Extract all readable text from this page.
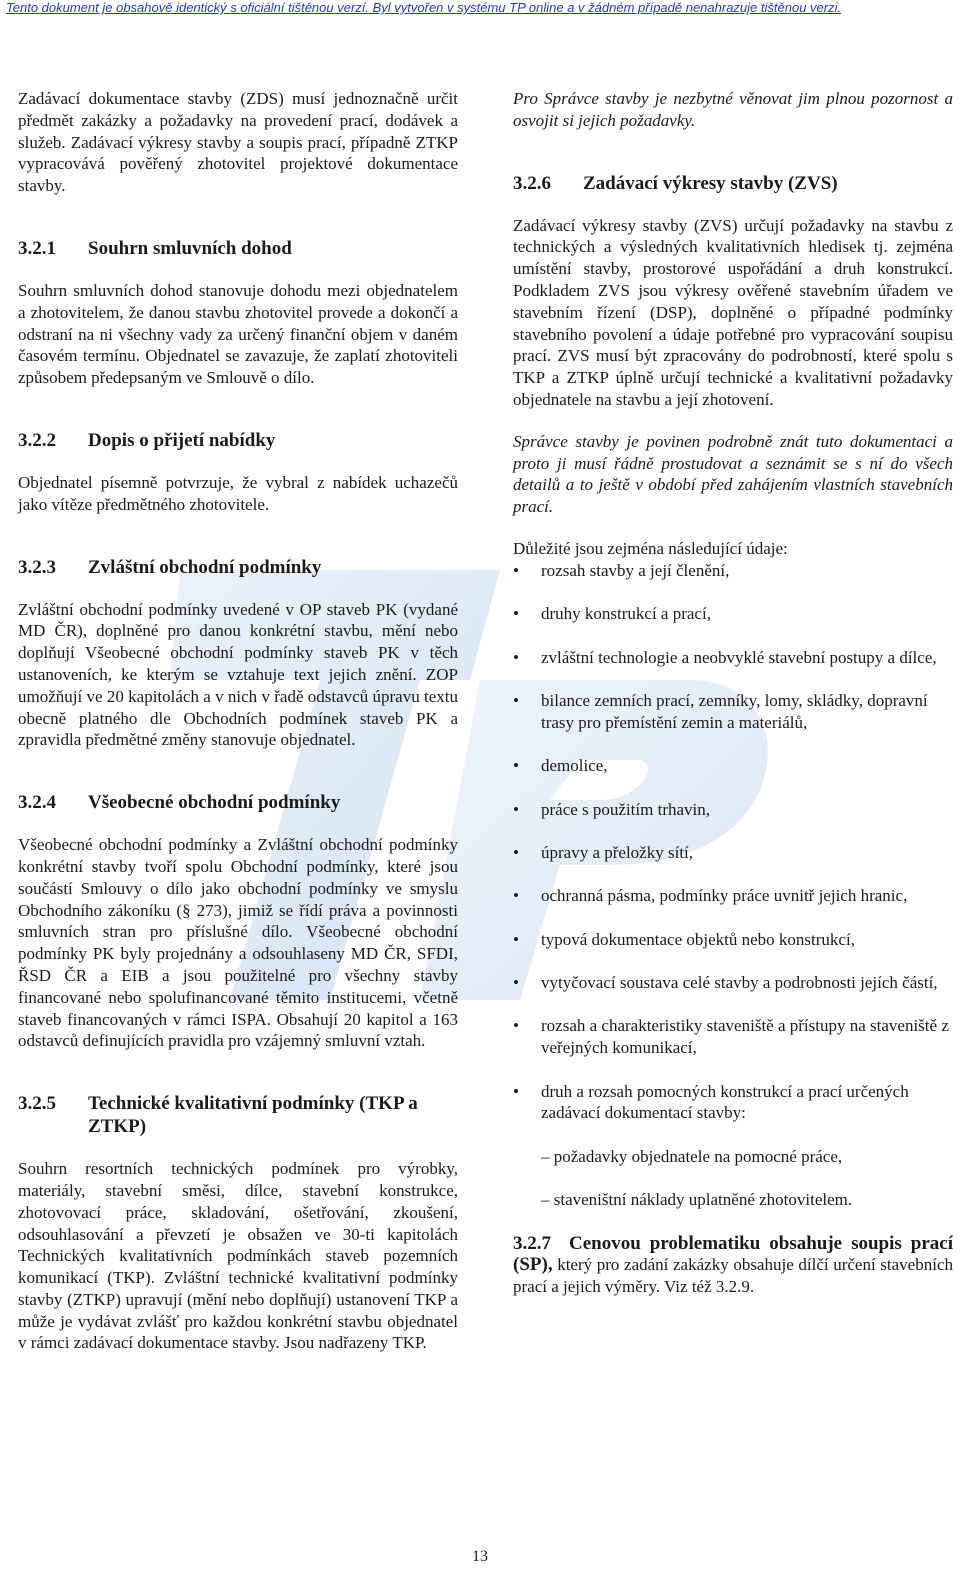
Tento dokument je obsahově identický s oficiální tištěnou verzí. Byl vytvořen v systému TP online a v žádném případě nenahrazuje tištěnou verzi.

Zadávací dokumentace stavby (ZDS) musí jednoznačně určit předmět zakázky a požadavky na provedení prací, dodávek a služeb. Zadávací výkresy stavby a soupis prací, případně ZTKP vypracovává pověřený zhotovitel projektové dokumentace stavby.

3.2.1	Souhrn smluvních dohod

Souhrn smluvních dohod stanovuje dohodu mezi objednatelem a zhotovitelem, že danou stavbu zhotovitel provede a dokončí a odstraní na ni všechny vady za určený finanční objem v daném časovém termínu. Objednatel se zavazuje, že zaplatí zhotoviteli způsobem předepsaným ve Smlouvě o dílo.

3.2.2	Dopis o přijetí nabídky

Objednatel písemně potvrzuje, že vybral z nabídek uchazečů jako vítěze předmětného zhotovitele.

3.2.3	Zvláštní obchodní podmínky

Zvláštní obchodní podmínky uvedené v OP staveb PK (vydané MD ČR), doplněné pro danou konkrétní stavbu, mění nebo doplňují Všeobecné obchodní podmínky staveb PK v těch ustanoveních, ke kterým se vztahuje text jejich znění. ZOP umožňují ve 20 kapitolách a v nich v řadě odstavců úpravu textu obecně platného dle Obchodních podmínek staveb PK a zpravidla předmětné změny stanovuje objednatel.

3.2.4	Všeobecné obchodní podmínky

Všeobecné obchodní podmínky a Zvláštní obchodní podmínky konkrétní stavby tvoří spolu Obchodní podmínky, které jsou součástí Smlouvy o dílo jako obchodní podmínky ve smyslu Obchodního zákoníku (§ 273), jimiž se řídí práva a povinnosti smluvních stran pro příslušné dílo. Všeobecné obchodní podmínky PK byly projednány a odsouhlaseny MD ČR, SFDI, ŘSD ČR a EIB a jsou použitelné pro všechny stavby financované nebo spolufinancované těmito institucemi, včetně staveb financovaných v rámci ISPA. Obsahují 20 kapitol a 163 odstavců definujících pravidla pro vzájemný smluvní vztah.

3.2.5	Technické kvalitativní podmínky (TKP a ZTKP)

Souhrn resortních technických podmínek pro výrobky, materiály, stavební směsi, dílce, stavební konstrukce, zhotovovací práce, skladování, ošetřování, zkoušení, odsouhlasování a převzetí je obsažen ve 30-ti kapitolách Technických kvalitativních podmínkách staveb pozemních komunikací (TKP). Zvláštní technické kvalitativní podmínky stavby (ZTKP) upravují (mění nebo doplňují) ustanovení TKP a může je vydávat zvlášť pro každou konkrétní stavbu objednatel v rámci zadávací dokumentace stavby. Jsou nadřazeny TKP.

Pro Správce stavby je nezbytné věnovat jim plnou pozornost a osvojit si jejich požadavky.

3.2.6	Zadávací výkresy stavby (ZVS)

Zadávací výkresy stavby (ZVS) určují požadavky na stavbu z technických a výsledných kvalitativních hledisek tj. zejména umístění stavby, prostorové uspořádání a druh konstrukcí. Podkladem ZVS jsou výkresy ověřené stavebním úřadem ve stavebním řízení (DSP), doplněné o případné podmínky stavebního povolení a údaje potřebné pro vypracování soupisu prací. ZVS musí být zpracovány do podrobností, které spolu s TKP a ZTKP úplně určují technické a kvalitativní požadavky objednatele na stavbu a její zhotovení.

Správce stavby je povinen podrobně znát tuto dokumentaci a proto ji musí řádně prostudovat a seznámit se s ní do všech detailů a to ještě v období před zahájením vlastních stavebních prací.

Důležité jsou zejména následující údaje:

• rozsah stavby a její členění,
• druhy konstrukcí a prací,
• zvláštní technologie a neobvyklé stavební postupy a dílce,
• bilance zemních prací, zemníky, lomy, skládky, dopravní trasy pro přemístění zemin a materiálů,
• demolice,
• práce s použitím trhavin,
• úpravy a přeložky sítí,
• ochranná pásma, podmínky práce uvnitř jejich hranic,
• typová dokumentace objektů nebo konstrukcí,
• vytyčovací soustava celé stavby a podrobnosti jejích částí,
• rozsah a charakteristiky staveniště a přístupy na staveniště z veřejných komunikací,
• druh a rozsah pomocných konstrukcí a prací určených zadávací dokumentací stavby:
– požadavky objednatele na pomocné práce,
– staveništní náklady uplatněné zhotovitelem.

3.2.7 Cenovou problematiku obsahuje soupis prací (SP), který pro zadání zakázky obsahuje dílčí určení stavebních prací a jejich výměry. Viz též 3.2.9.

13
